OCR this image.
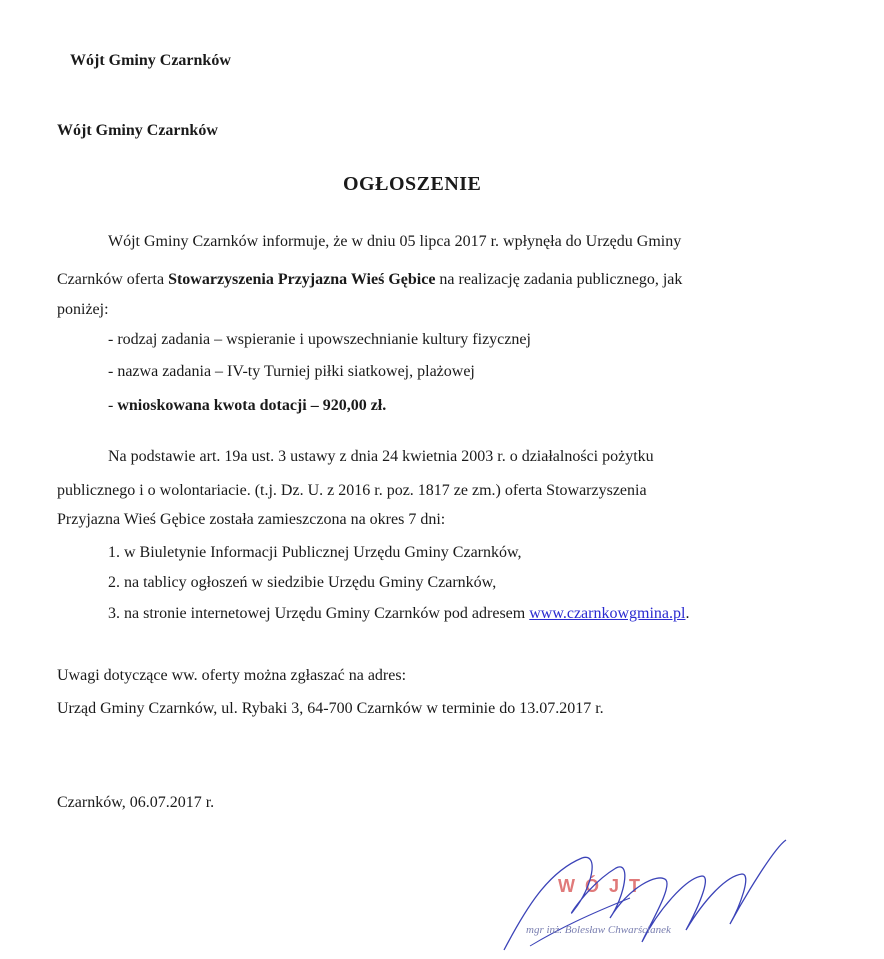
Wójt Gminy Czarnków
Wójt Gminy Czarnków
OGŁOSZENIE
Wójt Gminy Czarnków informuje, że w dniu 05 lipca 2017 r. wpłynęła do Urzędu Gminy
Czarnków oferta Stowarzyszenia Przyjazna Wieś Gębice na realizację zadania publicznego, jak
poniżej:
- rodzaj zadania – wspieranie i upowszechnianie kultury fizycznej
- nazwa zadania – IV-ty Turniej piłki siatkowej, plażowej
- wnioskowana kwota dotacji – 920,00 zł.
Na podstawie art. 19a ust. 3 ustawy z dnia 24 kwietnia 2003 r. o działalności pożytku
publicznego i o wolontariacie. (t.j. Dz. U. z 2016 r. poz. 1817 ze zm.) oferta Stowarzyszenia
Przyjazna Wieś Gębice została zamieszczona na okres 7 dni:
1. w Biuletynie Informacji Publicznej Urzędu Gminy Czarnków,
2. na tablicy ogłoszeń w siedzibie Urzędu Gminy Czarnków,
3. na stronie internetowej Urzędu Gminy Czarnków pod adresem www.czarnkowgmina.pl.
Uwagi dotyczące ww. oferty można zgłaszać na adres:
Urząd Gminy Czarnków, ul. Rybaki 3, 64-700 Czarnków w terminie do 13.07.2017 r.
Czarnków, 06.07.2017 r.
WÓJT
mgr inż. Bolesław Chwarścianek
